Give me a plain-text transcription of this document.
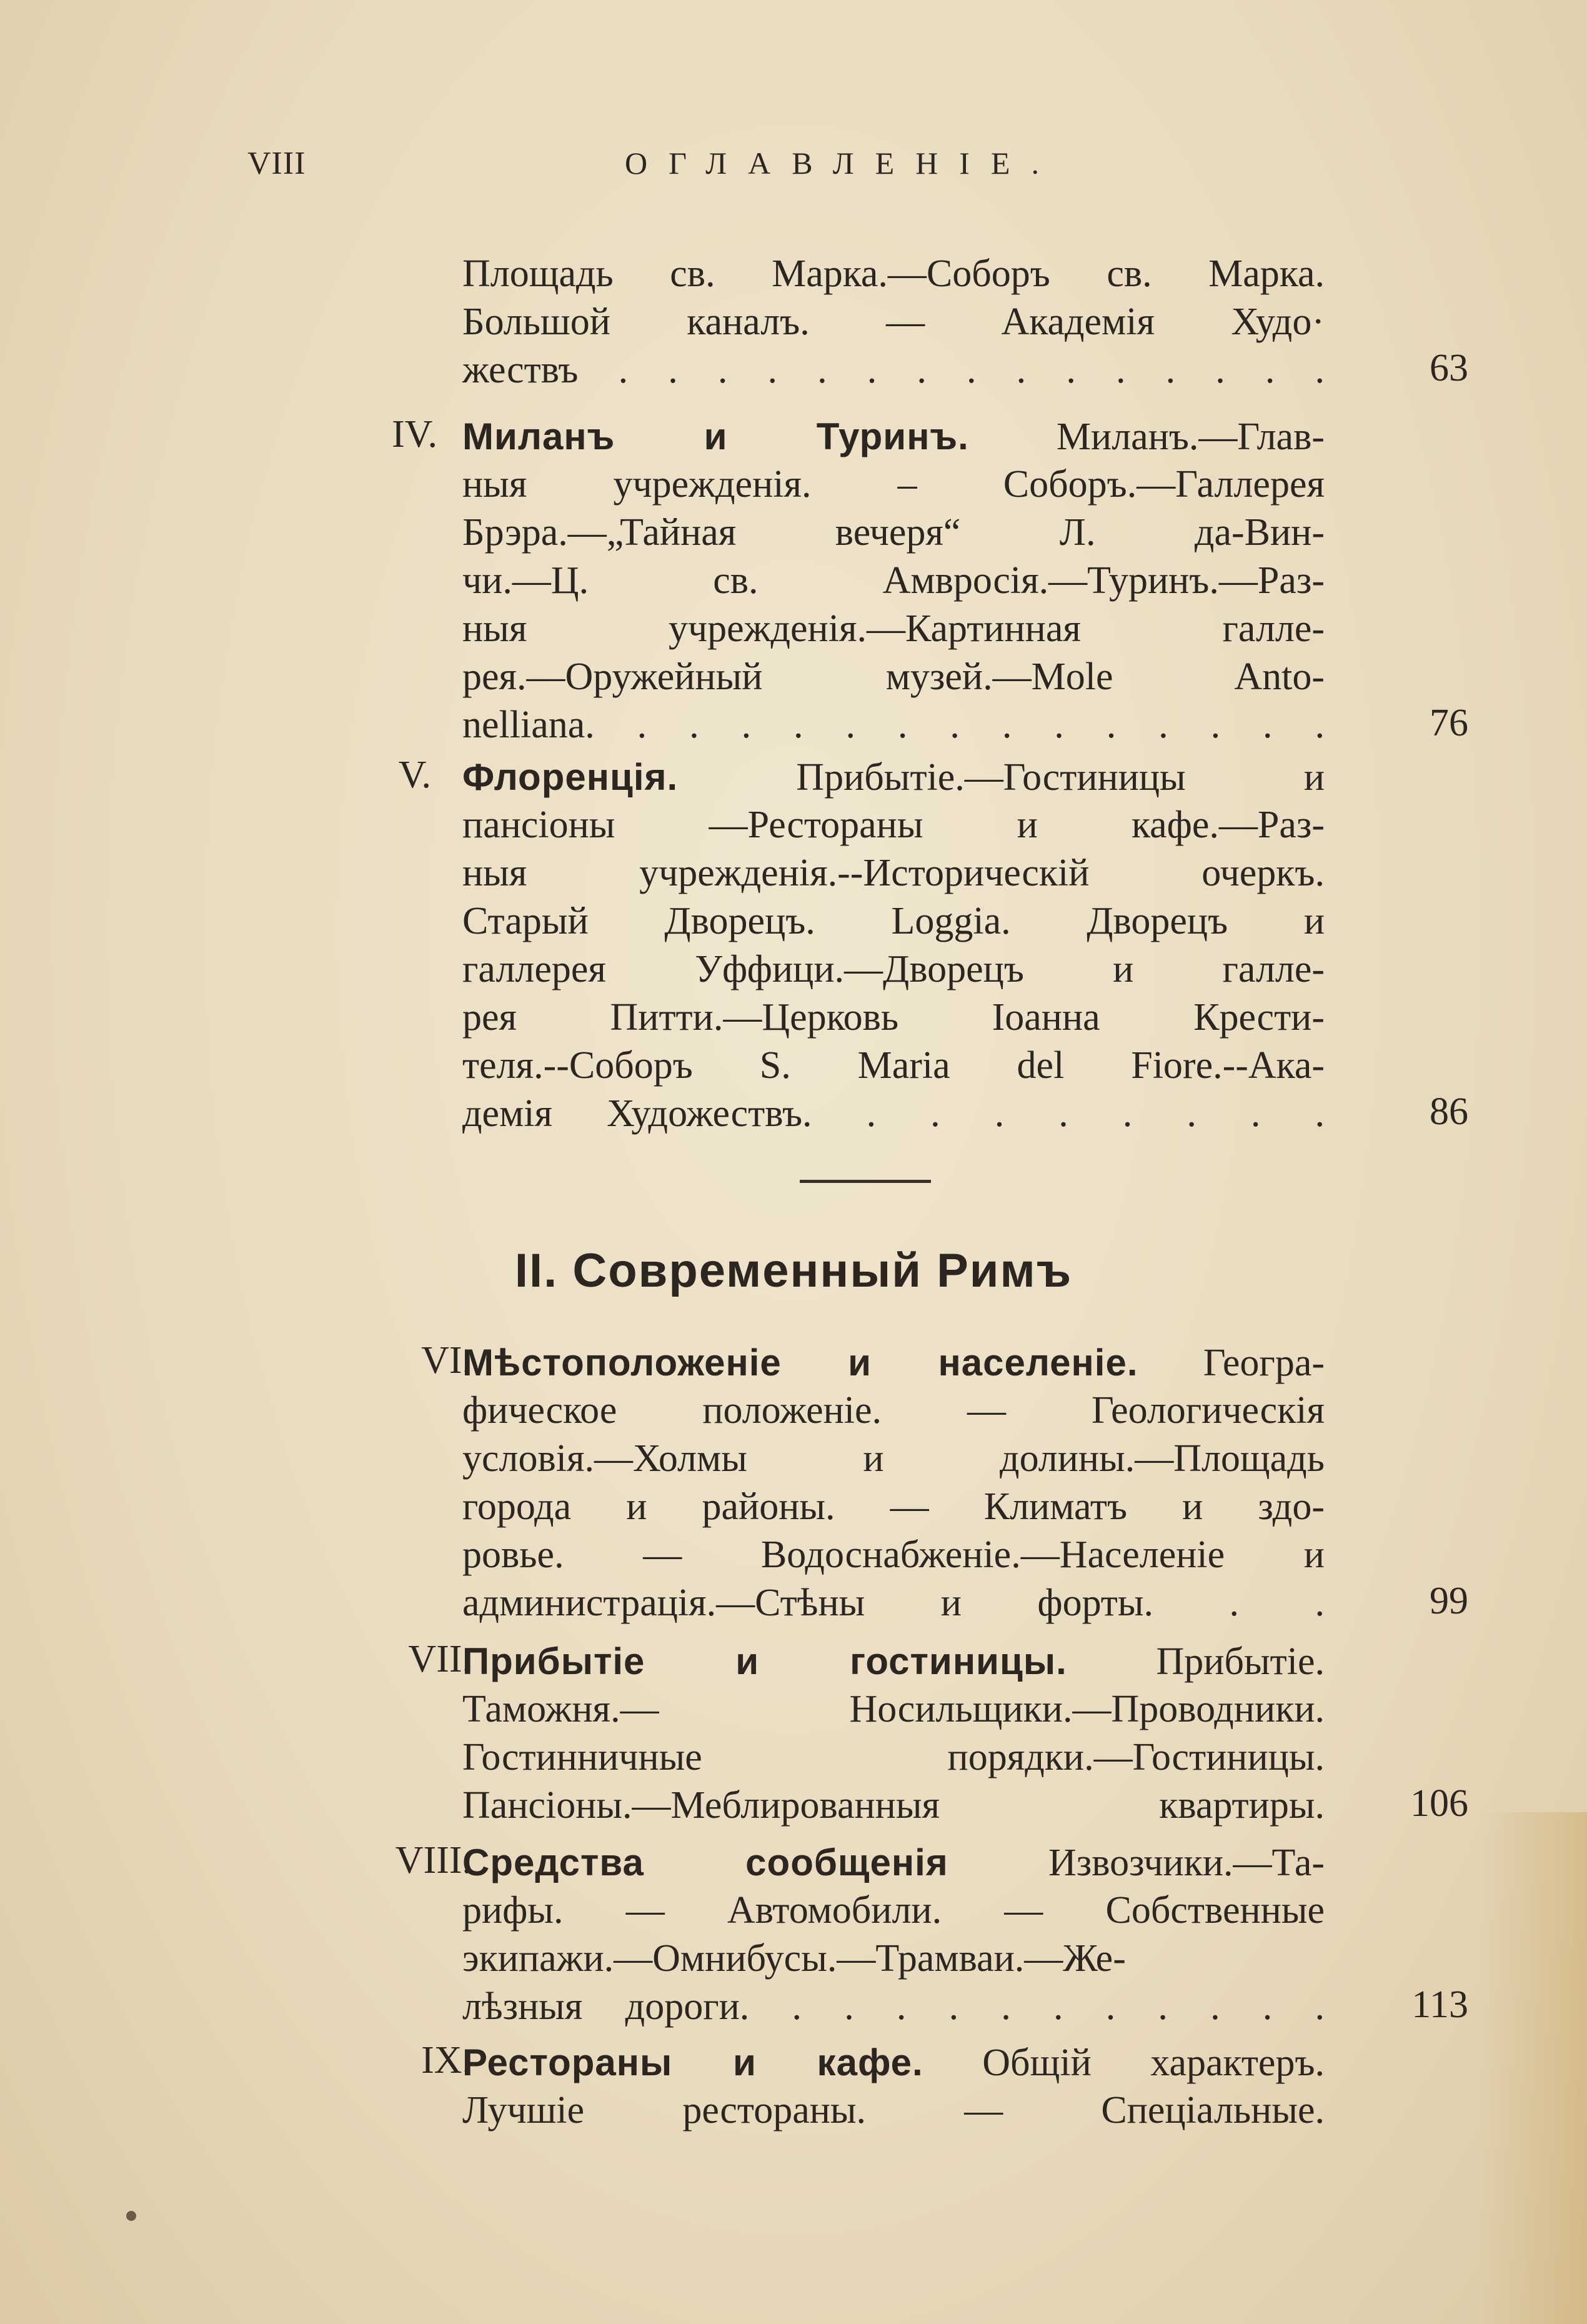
VIII	ОГЛАВЛЕНІЕ.
Площадь св. Марка.—Соборъ св. Марка.
Большой каналъ. — Академія Худо·
жествъ . . . . . . . . . . . . . . .	63
IV. Миланъ и Туринъ. Миланъ.—Глав-
ныя учрежденія. – Соборъ.—Галлерея
Брэра.—„Тайная вечеря“ Л. да-Вин-
чи.—Ц. св. Амвросія.—Туринъ.—Раз-
ныя учрежденія.—Картинная галле-
рея.—Оружейный музей.—Mole Anto-
nelliana. . . . . . . . . . . . . . .	76
V. Флоренція.	Прибытіе.—Гостиницы и
пансіоны —Рестораны и кафе.—Раз-
ныя учрежденія.--Историческій очеркъ.
Старый Дворецъ. Loggia. Дворецъ и
галлерея Уффици.—Дворецъ и галле-
рея Питти.—Церковь Іоанна Крести-
теля.--Соборъ S. Maria del Fiore.--Ака-
демія Художествъ. . . . . . . . .	86
II. Современный Римъ
VI.
Мѣстоположеніе и населеніе. Геогра-
фическое положеніе. — Геологическія
условія.—Холмы и долины.—Площадь
города и районы. — Климатъ и здо-
ровье. — Водоснабженіе.—Населеніе и
администрація.—Стѣны и форты. . .	99
VII.
Прибытіе и гостиницы. Прибытіе.
Таможня.— Носильщики.—Проводники.
Гостинничные порядки.—Гостиницы.
Пансіоны.—Меблированныя квартиры.	106
VIII.
Средства сообщенія	Извозчики.—Та-
рифы. — Автомобили. — Собственные
экипажи.—Омнибусы.—Трамваи.—Же-
лѣзныя дороги. . . . . . . . . . . .	113
IX.
Рестораны и кафе. Общій характеръ.
Лучшіе рестораны. — Спеціальные.
